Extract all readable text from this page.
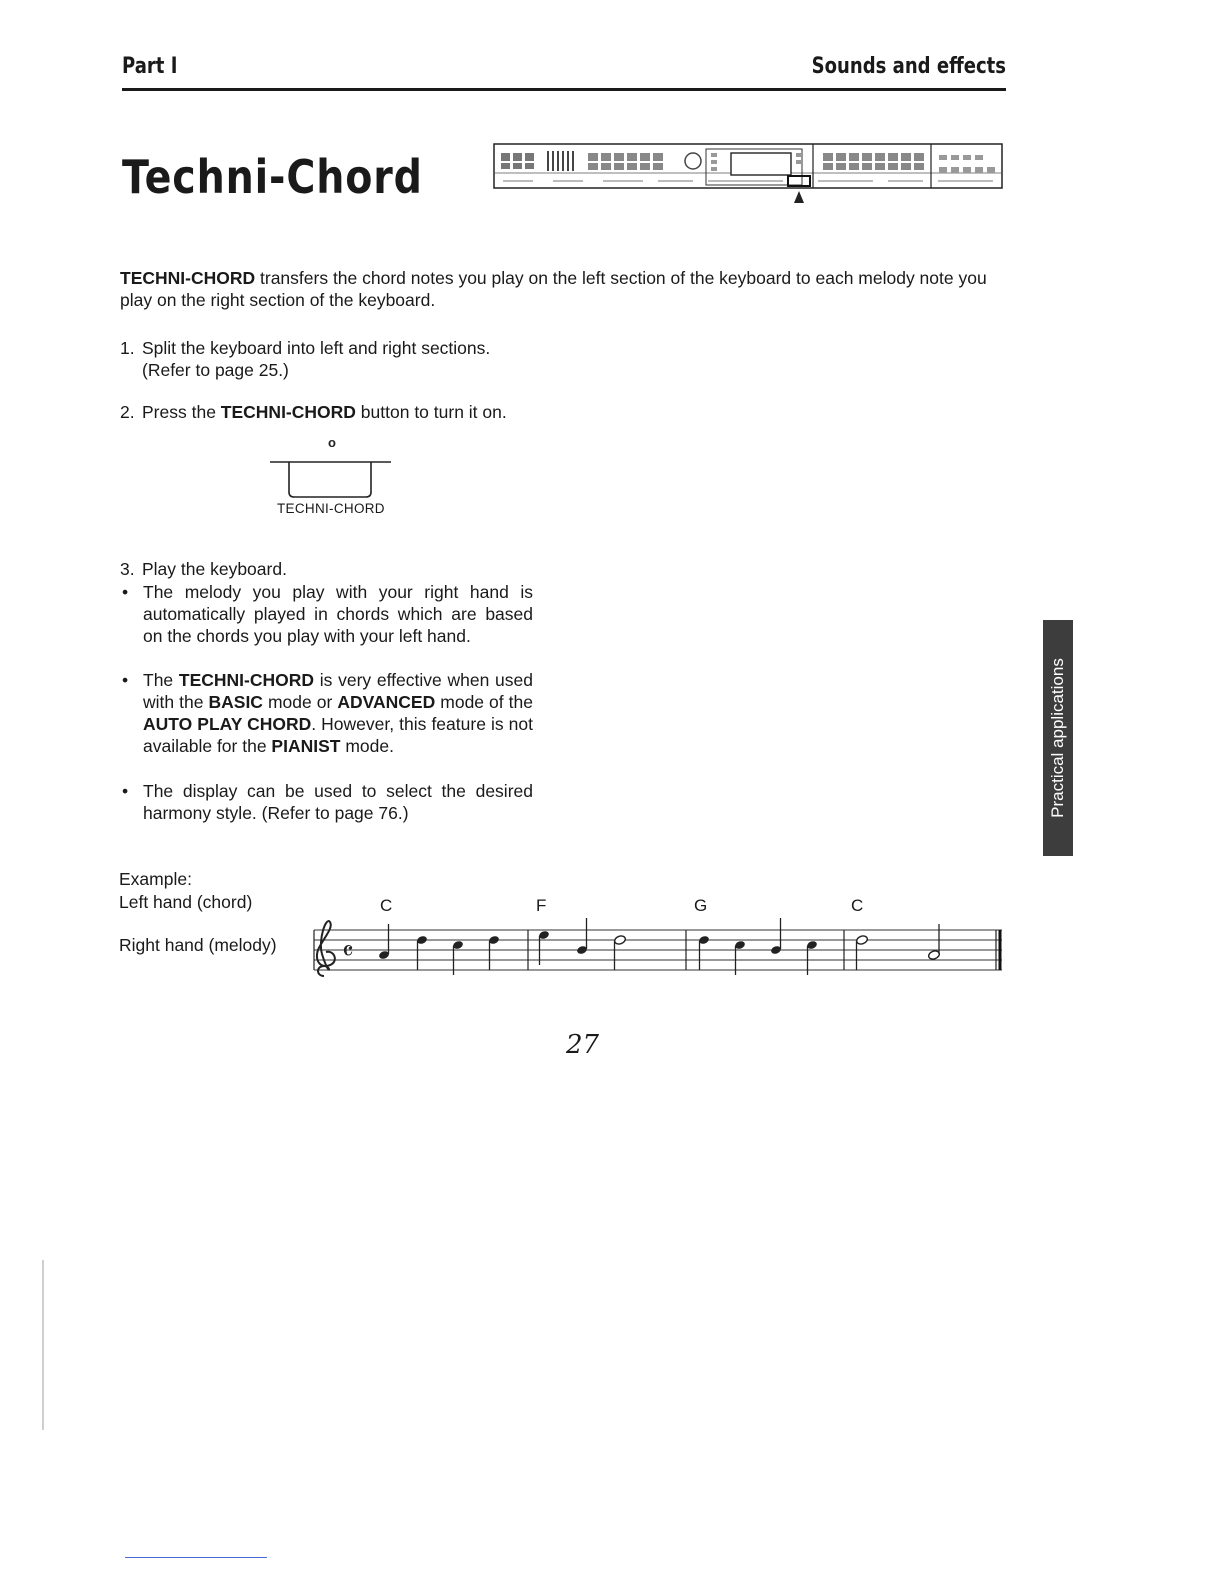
Part I	Sounds and effects
Techni-Chord
TECHNI-CHORD transfers the chord notes you play on the left section of the keyboard to each melody note you play on the right section of the keyboard.
1. Split the keyboard into left and right sections.
(Refer to page 25.)
2. Press the TECHNI-CHORD button to turn it on.
o
TECHNI-CHORD
3. Play the keyboard.
• The melody you play with your right hand is automatically played in chords which are based on the chords you play with your left hand.
• The TECHNI-CHORD is very effective when used with the BASIC mode or ADVANCED mode of the AUTO PLAY CHORD. However, this feature is not available for the PIANIST mode.
• The display can be used to select the desired harmony style. (Refer to page 76.)	Practical applications
Example:
Left hand (chord)
Right hand (melody)
C	F	G	C
𝄴
27
